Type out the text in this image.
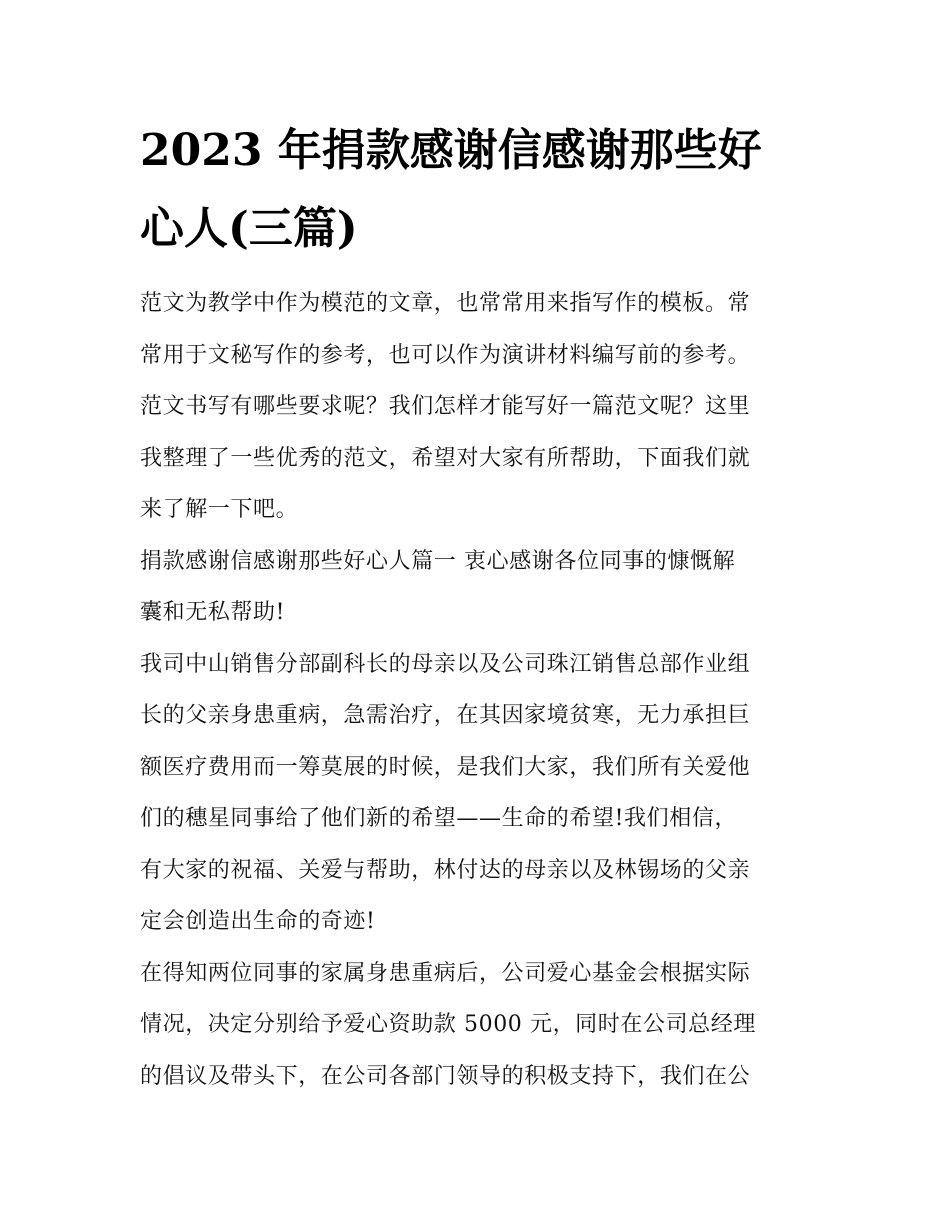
2023 年捐款感谢信感谢那些好
心人(三篇)
范文为教学中作为模范的文章，也常常用来指写作的模板。常
常用于文秘写作的参考，也可以作为演讲材料编写前的参考。
范文书写有哪些要求呢？我们怎样才能写好一篇范文呢？这里
我整理了一些优秀的范文，希望对大家有所帮助，下面我们就
来了解一下吧。
捐款感谢信感谢那些好心人篇一 衷心感谢各位同事的慷慨解
囊和无私帮助!
我司中山销售分部副科长的母亲以及公司珠江销售总部作业组
长的父亲身患重病，急需治疗，在其因家境贫寒，无力承担巨
额医疗费用而一筹莫展的时候，是我们大家，我们所有关爱他
们的穗星同事给了他们新的希望——生命的希望!我们相信，
有大家的祝福、关爱与帮助，林付达的母亲以及林锡场的父亲
定会创造出生命的奇迹!
在得知两位同事的家属身患重病后，公司爱心基金会根据实际
情况，决定分别给予爱心资助款 5000 元，同时在公司总经理
的倡议及带头下，在公司各部门领导的积极支持下，我们在公
